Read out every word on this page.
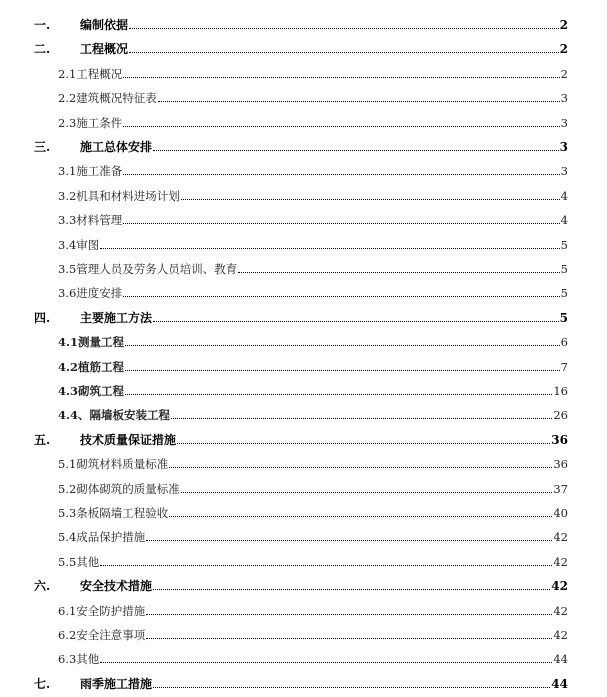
一. 编制依据	2
二. 工程概况	2
2.1工程概况	2
2.2建筑概况特征表	3
2.3施工条件	3
三. 施工总体安排	3
3.1施工准备	3
3.2机具和材料进场计划	4
3.3材料管理	4
3.4审图	5
3.5管理人员及劳务人员培训、教育	5
3.6进度安排	5
四. 主要施工方法	5
4.1测量工程	6
4.2植筋工程	7
4.3砌筑工程	16
4.4、隔墙板安装工程	26
五. 技术质量保证措施	36
5.1砌筑材料质量标准	36
5.2砌体砌筑的质量标准	37
5.3条板隔墙工程验收	40
5.4成品保护措施	42
5.5其他	42
六. 安全技术措施	42
6.1安全防护措施	42
6.2安全注意事项	42
6.3其他	44
七. 雨季施工措施	44
